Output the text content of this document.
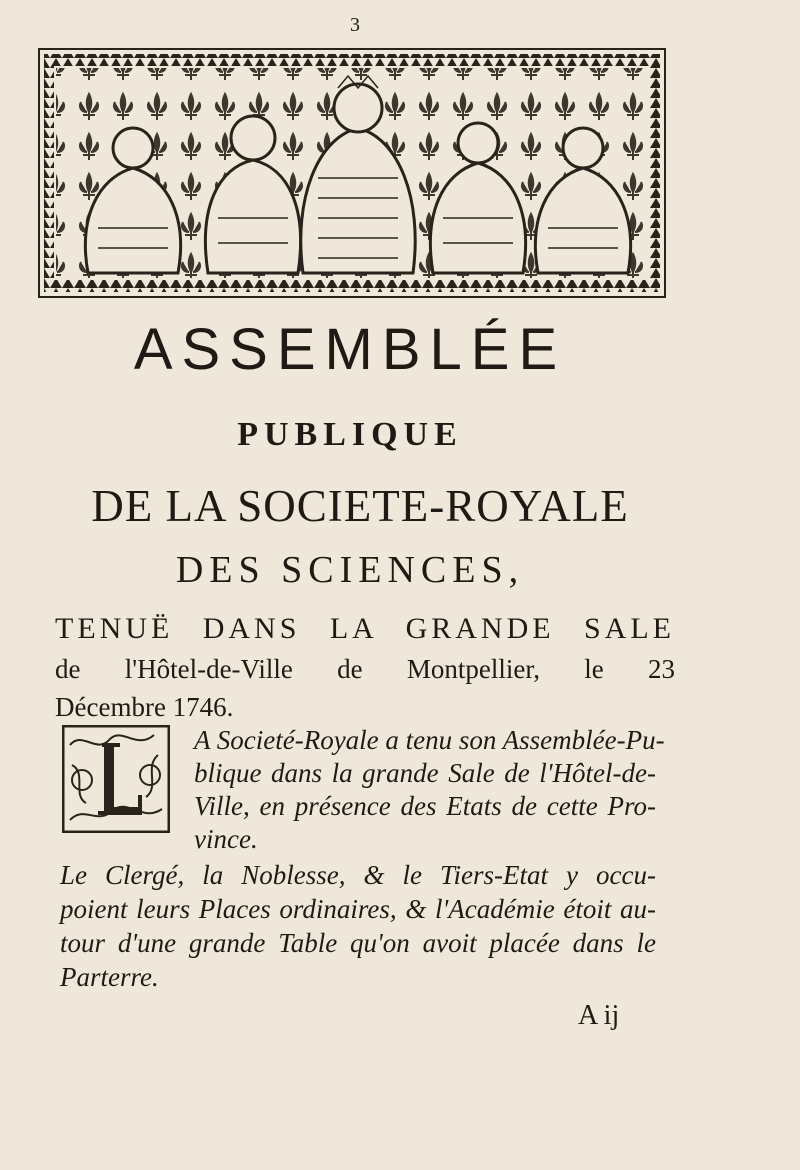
3
ASSEMBLÉE
PUBLIQUE
DE LA SOCIETE-ROYALE
DES SCIENCES,
TENUË DANS LA GRANDE SALE
de l'Hôtel-de-Ville de Montpellier, le 23
Décembre 1746.
A Societé-Royale a tenu son Assemblée-Pu-
blique dans la grande Sale de l'Hôtel-de-
Ville, en présence des Etats de cette Pro-
vince.
Le Clergé, la Noblesse, & le Tiers-Etat y occu-
poient leurs Places ordinaires, & l'Académie étoit au-
tour d'une grande Table qu'on avoit placée dans le
Parterre.
A ij
